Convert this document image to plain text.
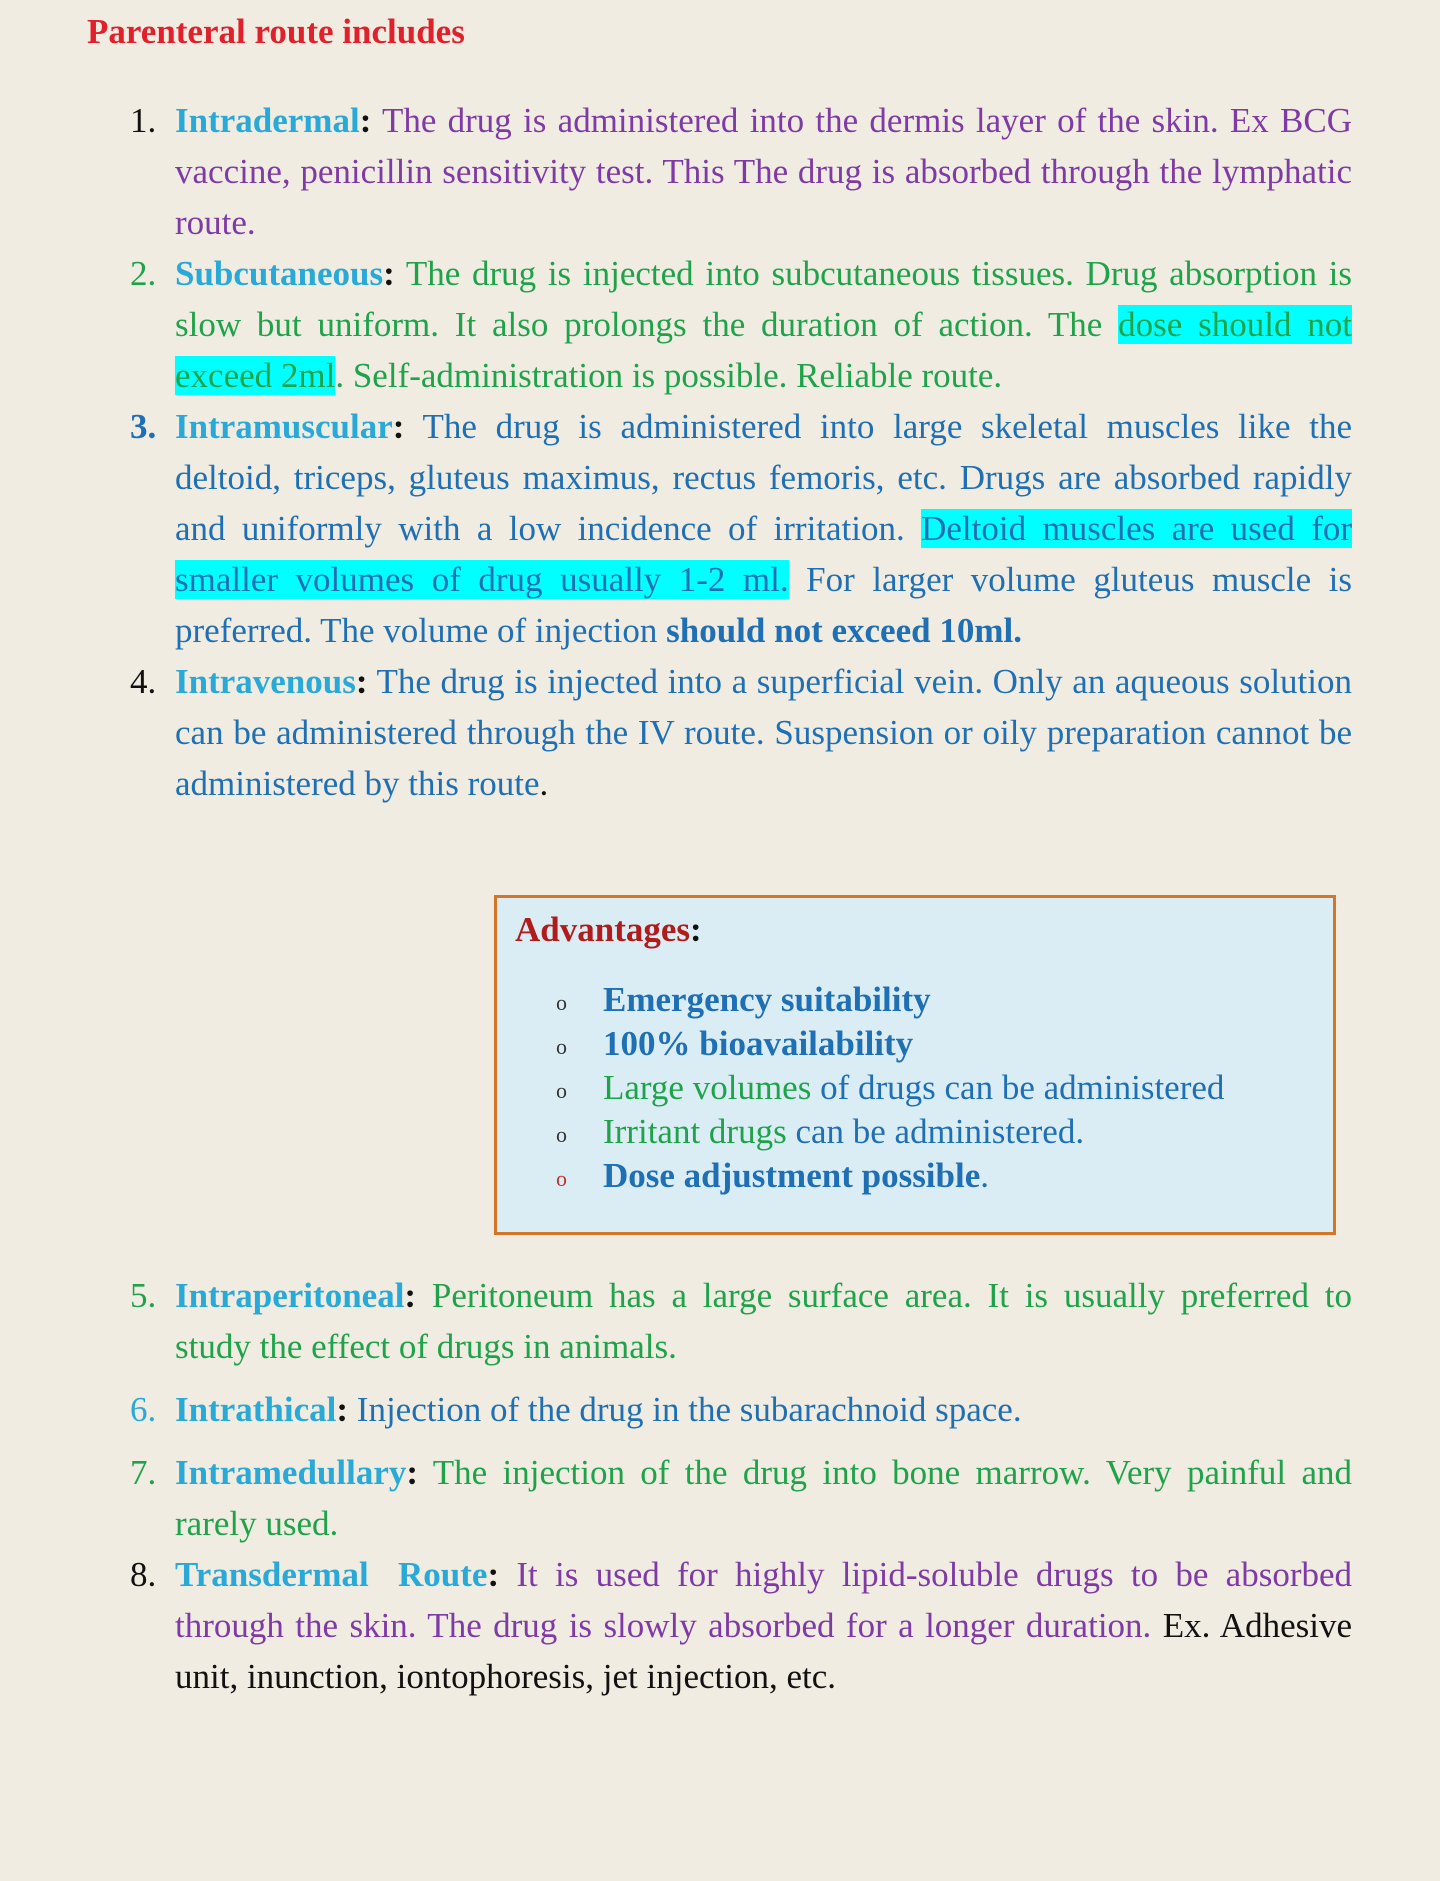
Parenteral route includes
1. Intradermal: The drug is administered into the dermis layer of the skin. Ex BCG vaccine, penicillin sensitivity test. This The drug is absorbed through the lymphatic route.
2. Subcutaneous: The drug is injected into subcutaneous tissues. Drug absorption is slow but uniform. It also prolongs the duration of action. The dose should not exceed 2ml. Self-administration is possible. Reliable route.
3. Intramuscular: The drug is administered into large skeletal muscles like the deltoid, triceps, gluteus maximus, rectus femoris, etc. Drugs are absorbed rapidly and uniformly with a low incidence of irritation. Deltoid muscles are used for smaller volumes of drug usually 1-2 ml. For larger volume gluteus muscle is preferred. The volume of injection should not exceed 10ml.
4. Intravenous: The drug is injected into a superficial vein. Only an aqueous solution can be administered through the IV route. Suspension or oily preparation cannot be administered by this route.
Advantages:
o Emergency suitability
o 100% bioavailability
o Large volumes of drugs can be administered
o Irritant drugs can be administered.
o Dose adjustment possible.
5. Intraperitoneal: Peritoneum has a large surface area. It is usually preferred to study the effect of drugs in animals.
6. Intrathical: Injection of the drug in the subarachnoid space.
7. Intramedullary: The injection of the drug into bone marrow. Very painful and rarely used.
8. Transdermal Route: It is used for highly lipid-soluble drugs to be absorbed through the skin. The drug is slowly absorbed for a longer duration. Ex. Adhesive unit, inunction, iontophoresis, jet injection, etc.
